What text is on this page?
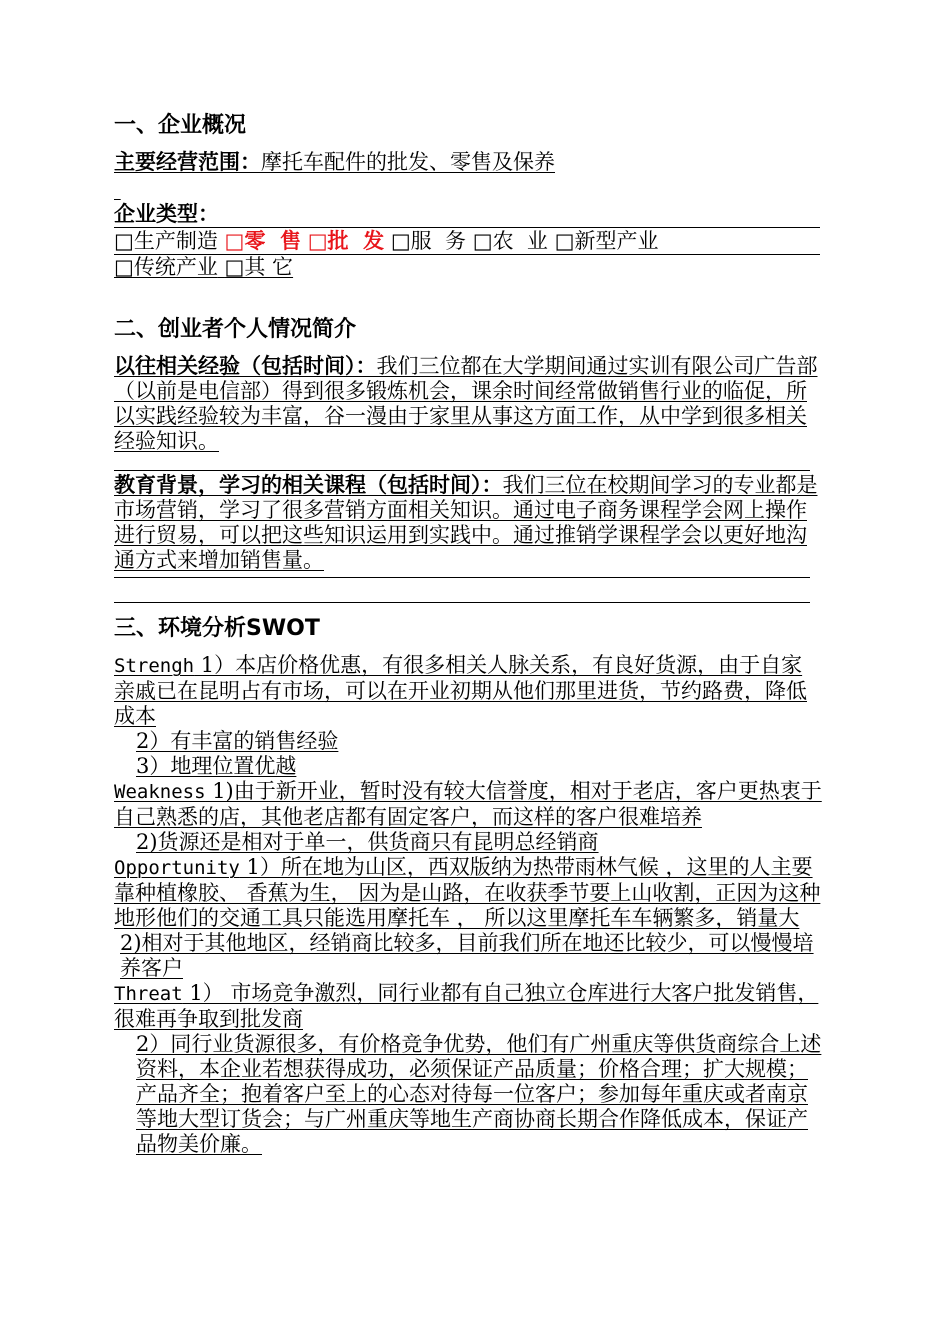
一、企业概况

主要经营范围：摩托车配件的批发、零售及保养

企业类型：

□生产制造 □零  售 □批  发 □服  务 □农  业 □新型产业

□传统产业 □其 它

二、创业者个人情况简介

以往相关经验（包括时间）：我们三位都在大学期间通过实训有限公司广告部（以前是电信部）得到很多锻炼机会，课余时间经常做销售行业的临促，所以实践经验较为丰富，谷一漫由于家里从事这方面工作，从中学到很多相关经验知识。

教育背景，学习的相关课程（包括时间）：我们三位在校期间学习的专业都是市场营销，学习了很多营销方面相关知识。通过电子商务课程学会网上操作进行贸易，可以把这些知识运用到实践中。通过推销学课程学会以更好地沟通方式来增加销售量。

三、环境分析SWOT

Strengh 1）本店价格优惠，有很多相关人脉关系，有良好货源，由于自家亲戚已在昆明占有市场，可以在开业初期从他们那里进货，节约路费，降低成本

2）有丰富的销售经验

3）地理位置优越

Weakness 1)由于新开业，暂时没有较大信誉度，相对于老店，客户更热衷于自己熟悉的店，其他老店都有固定客户，而这样的客户很难培养

2)货源还是相对于单一，供货商只有昆明总经销商

Opportunity 1）所在地为山区，西双版纳为热带雨林气候 ，这里的人主要靠种植橡胶、 香蕉为生， 因为是山路，在收获季节要上山收割，正因为这种地形他们的交通工具只能选用摩托车 ， 所以这里摩托车车辆繁多，销量大

2)相对于其他地区，经销商比较多，目前我们所在地还比较少，可以慢慢培养客户

Threat 1） 市场竞争激烈，同行业都有自己独立仓库进行大客户批发销售，很难再争取到批发商

2）同行业货源很多，有价格竞争优势，他们有广州重庆等供货商综合上述资料，本企业若想获得成功，必须保证产品质量；价格合理；扩大规模；产品齐全；抱着客户至上的心态对待每一位客户；参加每年重庆或者南京等地大型订货会；与广州重庆等地生产商协商长期合作降低成本，保证产品物美价廉。
